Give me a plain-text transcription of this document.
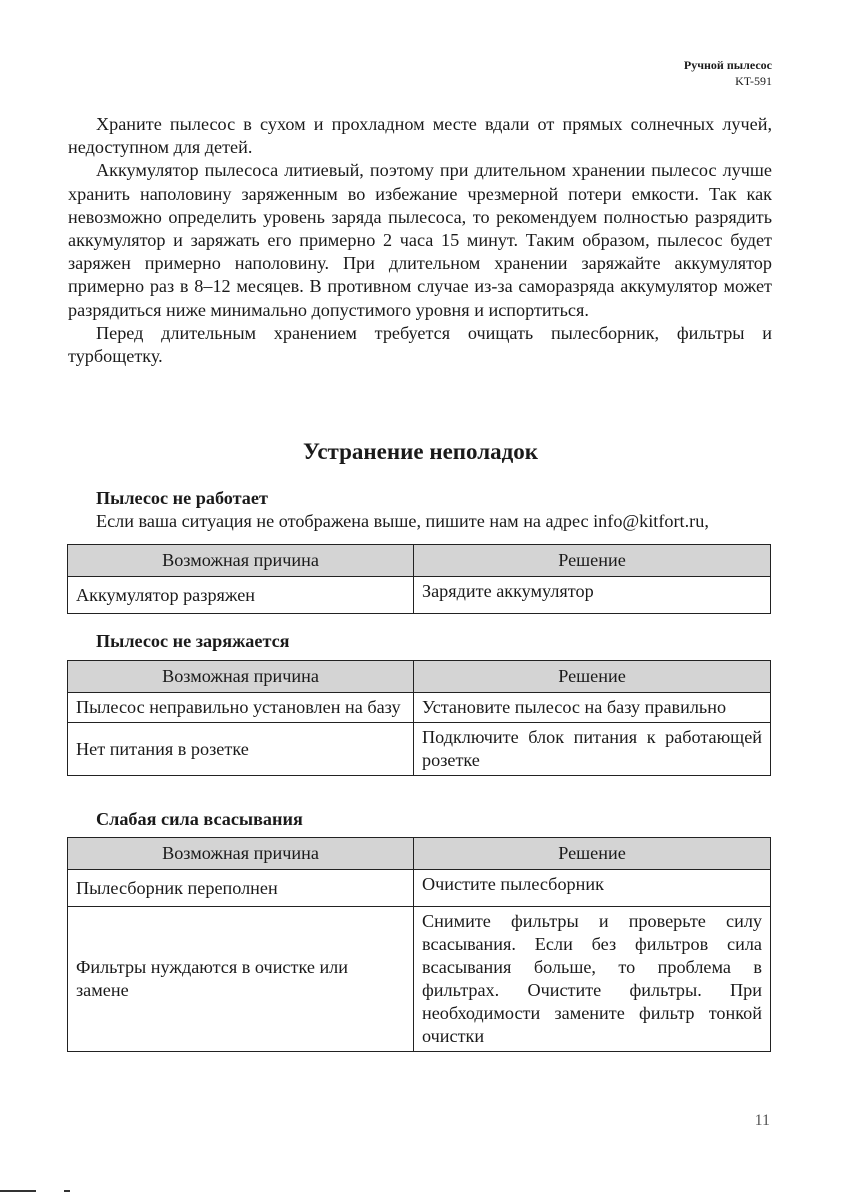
Ручной пылесос
KT-591

Храните пылесос в сухом и прохладном месте вдали от прямых солнечных лучей, недоступном для детей.

Аккумулятор пылесоса литиевый, поэтому при длительном хранении пылесос лучше хранить наполовину заряженным во избежание чрезмерной потери емкости. Так как невозможно определить уровень заряда пылесоса, то рекомендуем полностью разрядить аккумулятор и заряжать его примерно 2 часа 15 минут. Таким образом, пылесос будет заряжен примерно наполовину. При длительном хранении заряжайте аккумулятор примерно раз в 8–12 месяцев. В противном случае из-за саморазряда аккумулятор может разрядиться ниже минимально допустимого уровня и испортиться.

Перед длительным хранением требуется очищать пылесборник, фильтры и турбощетку.

Устранение неполадок
Пылесос не работает
Если ваша ситуация не отображена выше, пишите нам на адрес info@kitfort.ru,
Возможная причина	Решение
Аккумулятор разряжен	Зарядите аккумулятор
Пылесос не заряжается
Возможная причина	Решение
Пылесос неправильно установлен на базу	Установите пылесос на базу правильно
Нет питания в розетке	Подключите блок питания к работающей розетке
Слабая сила всасывания
Возможная причина	Решение
Пылесборник переполнен	Очистите пылесборник
Фильтры нуждаются в очистке или замене	Снимите фильтры и проверьте силу всасывания. Если без фильтров сила всасывания больше, то проблема в фильтрах. Очистите фильтры. При необходимости замените фильтр тонкой очистки
11
